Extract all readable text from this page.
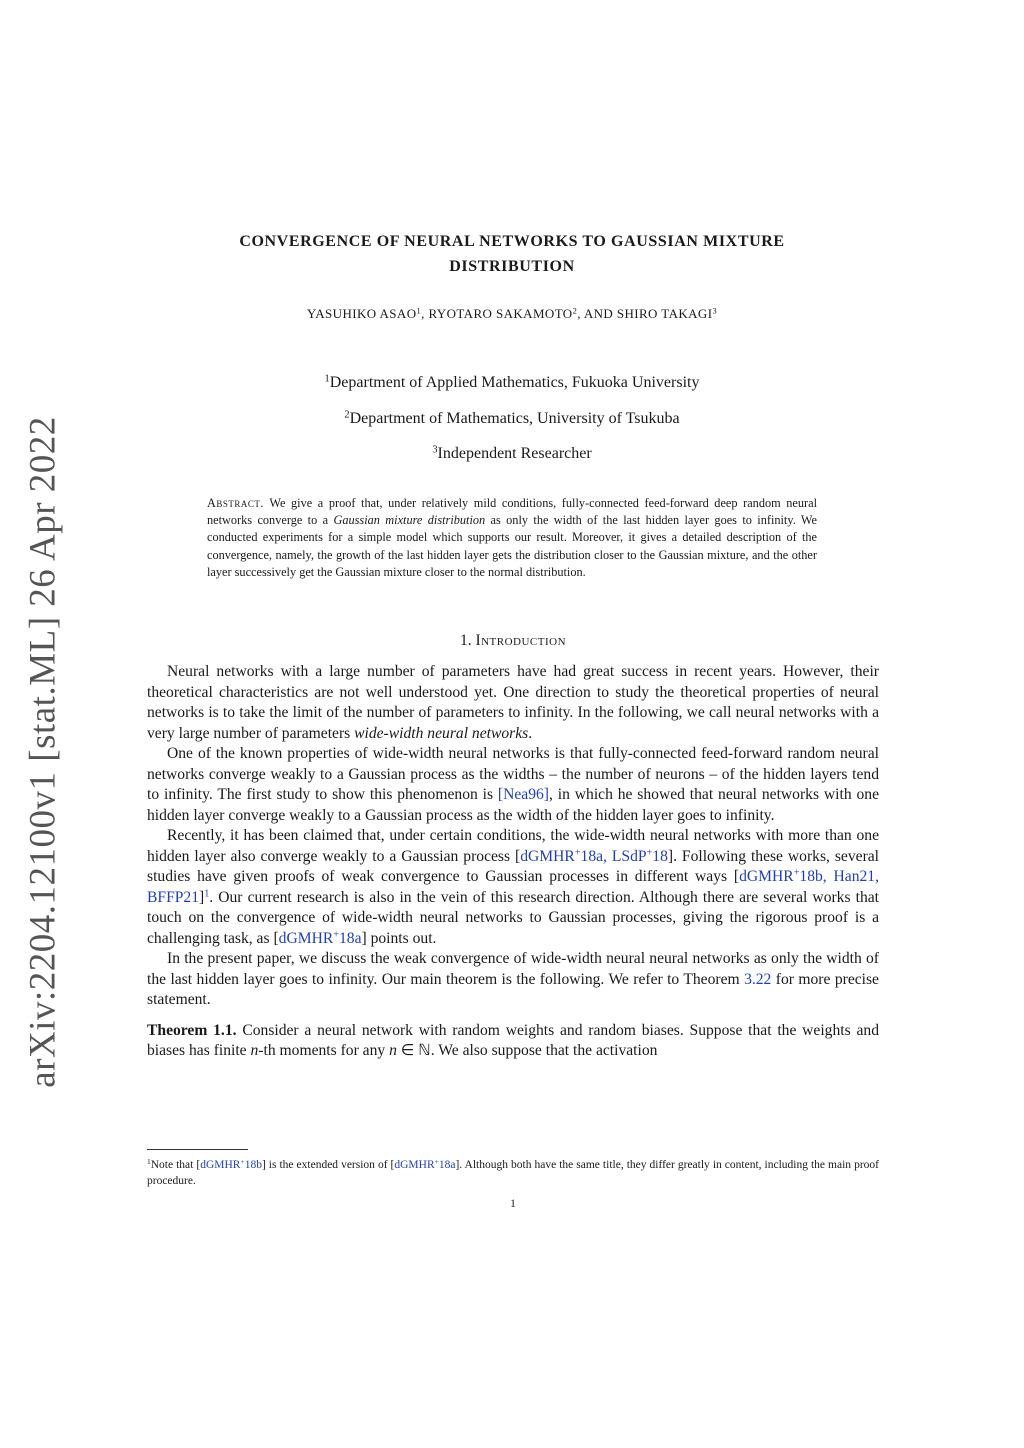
arXiv:2204.12100v1 [stat.ML] 26 Apr 2022
CONVERGENCE OF NEURAL NETWORKS TO GAUSSIAN MIXTURE
DISTRIBUTION
YASUHIKO ASAO$^1$, RYOTARO SAKAMOTO$^2$, AND SHIRO TAKAGI$^3$
$^1$Department of Applied Mathematics, Fukuoka University
$^2$Department of Mathematics, University of Tsukuba
$^3$Independent Researcher
Abstract. We give a proof that, under relatively mild conditions, fully-connected feed-forward deep random neural networks converge to a Gaussian mixture distribution as only the width of the last hidden layer goes to infinity. We conducted experiments for a simple model which supports our result. Moreover, it gives a detailed description of the convergence, namely, the growth of the last hidden layer gets the distribution closer to the Gaussian mixture, and the other layer successively get the Gaussian mixture closer to the normal distribution.
1. Introduction

Neural networks with a large number of parameters have had great success in recent years. However, their theoretical characteristics are not well understood yet. One direction to study the theoretical properties of neural networks is to take the limit of the number of parameters to infinity. In the following, we call neural networks with a very large number of parameters wide-width neural networks.

One of the known properties of wide-width neural networks is that fully-connected feed-forward random neural networks converge weakly to a Gaussian process as the widths – the number of neurons – of the hidden layers tend to infinity. The first study to show this phenomenon is [Nea96], in which he showed that neural networks with one hidden layer converge weakly to a Gaussian process as the width of the hidden layer goes to infinity.

Recently, it has been claimed that, under certain conditions, the wide-width neural networks with more than one hidden layer also converge weakly to a Gaussian process [dGMHR+18a, LSdP+18]. Following these works, several studies have given proofs of weak convergence to Gaussian processes in different ways [dGMHR+18b, Han21, BFFP21]$^1$. Our current research is also in the vein of this research direction. Although there are several works that touch on the convergence of wide-width neural networks to Gaussian processes, giving the rigorous proof is a challenging task, as [dGMHR+18a] points out.

In the present paper, we discuss the weak convergence of wide-width neural neural networks as only the width of the last hidden layer goes to infinity. Our main theorem is the following. We refer to Theorem 3.22 for more precise statement.

Theorem 1.1. Consider a neural network with random weights and random biases. Suppose that the weights and biases has finite n-th moments for any n ∈ ℕ. We also suppose that the activation

$^1$Note that [dGMHR+18b] is the extended version of [dGMHR+18a]. Although both have the same title, they differ greatly in content, including the main proof procedure.
1
